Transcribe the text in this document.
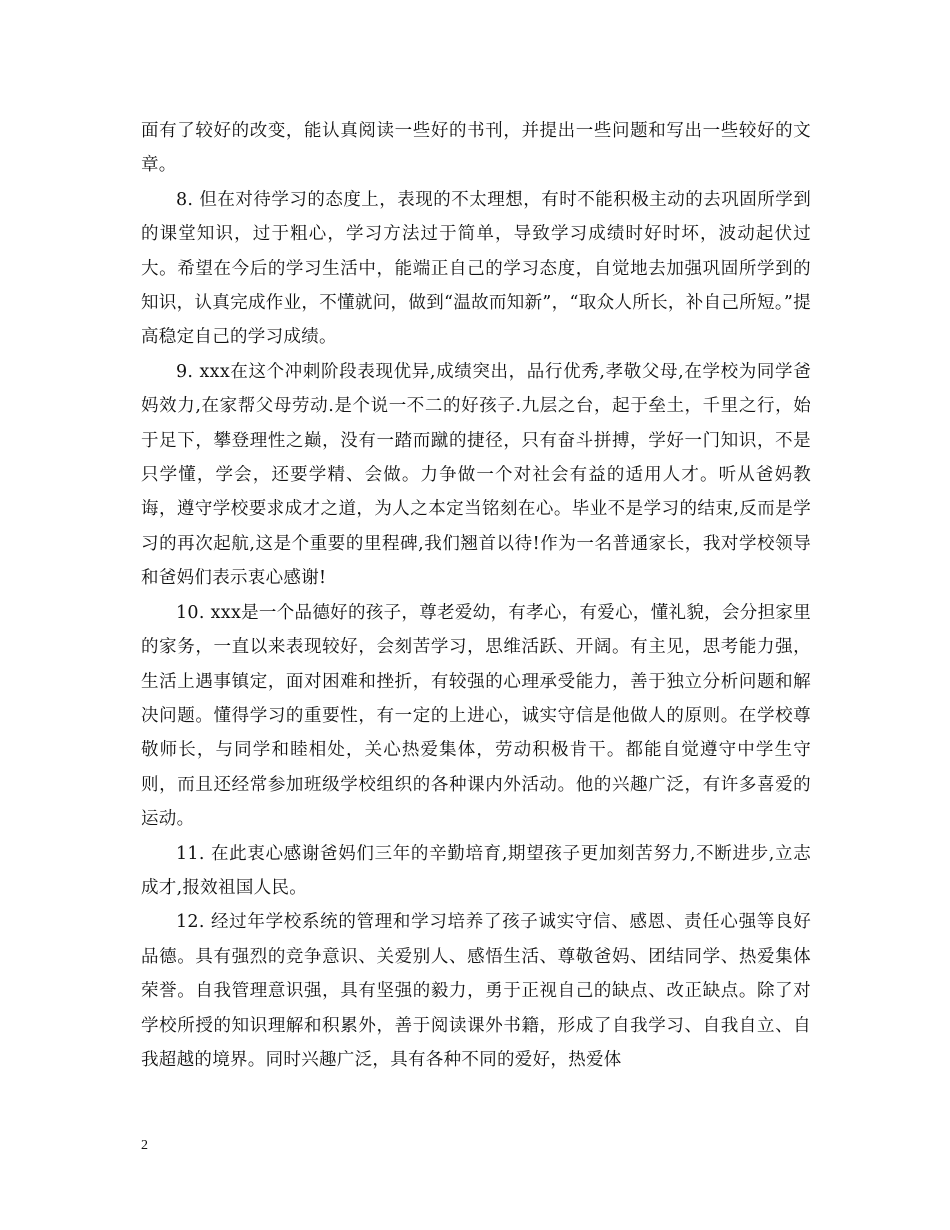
面有了较好的改变，能认真阅读一些好的书刊，并提出一些问题和写出一些较好的文章。

8. 但在对待学习的态度上，表现的不太理想，有时不能积极主动的去巩固所学到的课堂知识，过于粗心，学习方法过于简单，导致学习成绩时好时坏，波动起伏过大。希望在今后的学习生活中，能端正自己的学习态度，自觉地去加强巩固所学到的知识，认真完成作业，不懂就问，做到“温故而知新”，“取众人所长，补自己所短。”提高稳定自己的学习成绩。

9. xxx在这个冲刺阶段表现优异,成绩突出，品行优秀,孝敬父母,在学校为同学爸妈效力,在家帮父母劳动.是个说一不二的好孩子.九层之台，起于垒土，千里之行，始于足下，攀登理性之巅，没有一踏而蹴的捷径，只有奋斗拼搏，学好一门知识，不是只学懂，学会，还要学精、会做。力争做一个对社会有益的适用人才。听从爸妈教诲，遵守学校要求成才之道，为人之本定当铭刻在心。毕业不是学习的结束,反而是学习的再次起航,这是个重要的里程碑,我们翘首以待!作为一名普通家长，我对学校领导和爸妈们表示衷心感谢!

10. xxx是一个品德好的孩子，尊老爱幼，有孝心，有爱心，懂礼貌，会分担家里的家务，一直以来表现较好，会刻苦学习，思维活跃、开阔。有主见，思考能力强，生活上遇事镇定，面对困难和挫折，有较强的心理承受能力，善于独立分析问题和解决问题。懂得学习的重要性，有一定的上进心，诚实守信是他做人的原则。在学校尊敬师长，与同学和睦相处，关心热爱集体，劳动积极肯干。都能自觉遵守中学生守则，而且还经常参加班级学校组织的各种课内外活动。他的兴趣广泛，有许多喜爱的运动。

11. 在此衷心感谢爸妈们三年的辛勤培育,期望孩子更加刻苦努力,不断进步,立志成才,报效祖国人民。

12. 经过年学校系统的管理和学习培养了孩子诚实守信、感恩、责任心强等良好品德。具有强烈的竞争意识、关爱别人、感悟生活、尊敬爸妈、团结同学、热爱集体荣誉。自我管理意识强，具有坚强的毅力，勇于正视自己的缺点、改正缺点。除了对学校所授的知识理解和积累外，善于阅读课外书籍，形成了自我学习、自我自立、自我超越的境界。同时兴趣广泛，具有各种不同的爱好，热爱体

2
